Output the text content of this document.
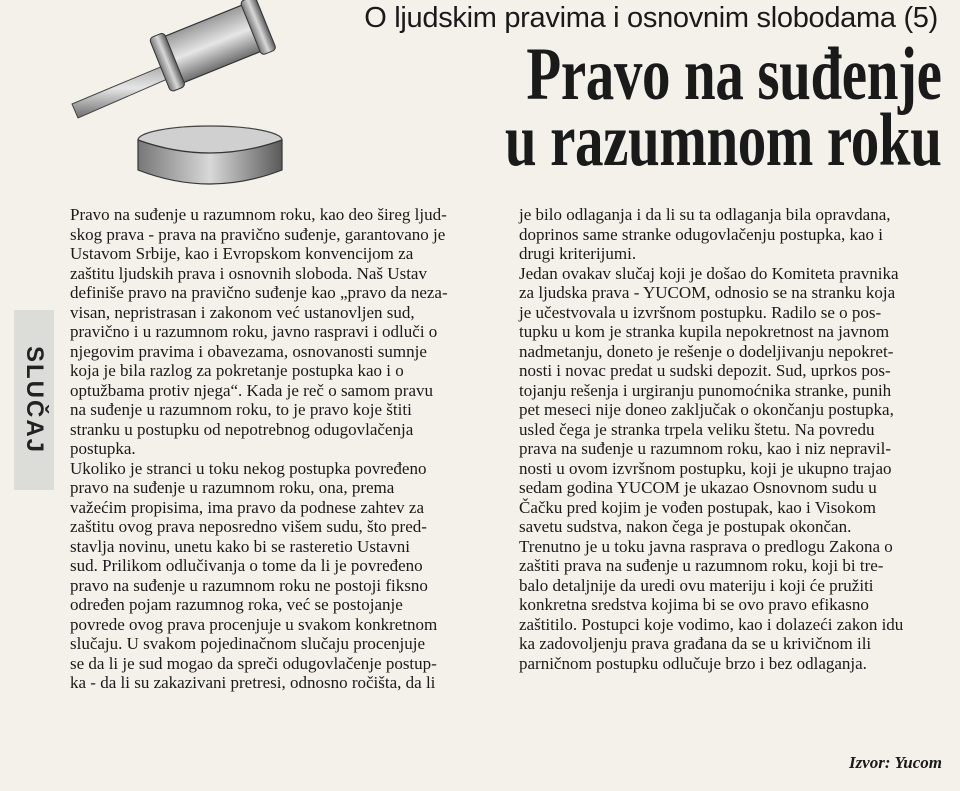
O ljudskim pravima i osnovnim slobodama (5)
Pravo na suđenje
u razumnom roku
SLUČAJ
Pravo na suđenje u razumnom roku, kao deo šireg ljud-
skog prava - prava na pravično suđenje, garantovano je
Ustavom Srbije, kao i Evropskom konvencijom za
zaštitu ljudskih prava i osnovnih sloboda. Naš Ustav
definiše pravo na pravično suđenje kao „pravo da neza-
visan, nepristrasan i zakonom već ustanovljen sud,
pravično i u razumnom roku, javno raspravi i odluči o
njegovim pravima i obavezama, osnovanosti sumnje
koja je bila razlog za pokretanje postupka kao i o
optužbama protiv njega“. Kada je reč o samom pravu
na suđenje u razumnom roku, to je pravo koje štiti
stranku u postupku od nepotrebnog odugovlačenja
postupka.
Ukoliko je stranci u toku nekog postupka povređeno
pravo na suđenje u razumnom roku, ona, prema
važećim propisima, ima pravo da podnese zahtev za
zaštitu ovog prava neposredno višem sudu, što pred-
stavlja novinu, unetu kako bi se rasteretio Ustavni
sud. Prilikom odlučivanja o tome da li je povređeno
pravo na suđenje u razumnom roku ne postoji fiksno
određen pojam razumnog roka, već se postojanje
povrede ovog prava procenjuje u svakom konkretnom
slučaju. U svakom pojedinačnom slučaju procenjuje
se da li je sud mogao da spreči odugovlačenje postup-
ka - da li su zakazivani pretresi, odnosno ročišta, da li
je bilo odlaganja i da li su ta odlaganja bila opravdana,
doprinos same stranke odugovlačenju postupka, kao i
drugi kriterijumi.
Jedan ovakav slučaj koji je došao do Komiteta pravnika
za ljudska prava - YUCOM, odnosio se na stranku koja
je učestvovala u izvršnom postupku. Radilo se o pos-
tupku u kom je stranka kupila nepokretnost na javnom
nadmetanju, doneto je rešenje o dodeljivanju nepokret-
nosti i novac predat u sudski depozit. Sud, uprkos pos-
tojanju rešenja i urgiranju punomoćnika stranke, punih
pet meseci nije doneo zaključak o okončanju postupka,
usled čega je stranka trpela veliku štetu. Na povredu
prava na suđenje u razumnom roku, kao i niz nepravil-
nosti u ovom izvršnom postupku, koji je ukupno trajao
sedam godina YUCOM je ukazao Osnovnom sudu u
Čačku pred kojim je vođen postupak, kao i Visokom
savetu sudstva, nakon čega je postupak okončan.
Trenutno je u toku javna rasprava o predlogu Zakona o
zaštiti prava na suđenje u razumnom roku, koji bi tre-
balo detaljnije da uredi ovu materiju i koji će pružiti
konkretna sredstva kojima bi se ovo pravo efikasno
zaštitilo. Postupci koje vodimo, kao i dolazeći zakon idu
ka zadovoljenju prava građana da se u krivičnom ili
parničnom postupku odlučuje brzo i bez odlaganja.
Izvor: Yucom
